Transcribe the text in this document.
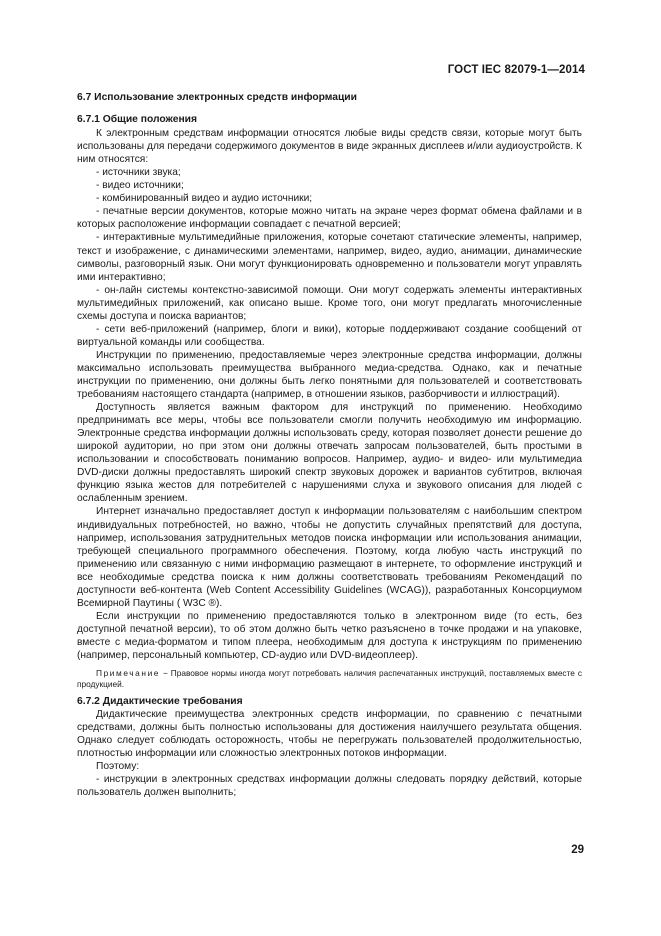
ГОСТ IEC 82079-1—2014

6.7 Использование электронных средств информации

6.7.1 Общие положения

К электронным средствам информации относятся любые виды средств связи, которые могут быть использованы для передачи содержимого документов в виде экранных дисплеев и/или аудиоустройств. К ним относятся:

- источники звука;

- видео источники;

- комбинированный видео и аудио источники;

- печатные версии документов, которые можно читать на экране через формат обмена файлами и в которых расположение информации совпадает с печатной версией;

- интерактивные мультимедийные приложения, которые сочетают статические элементы, например, текст и изображение, с динамическими элементами, например, видео, аудио, анимации, динамические символы, разговорный язык. Они могут функционировать одновременно и пользователи могут управлять ими интерактивно;

- он-лайн системы контекстно-зависимой помощи. Они могут содержать элементы интерактивных мультимедийных приложений, как описано выше. Кроме того, они могут предлагать многочисленные схемы доступа и поиска вариантов;

- сети веб-приложений (например, блоги и вики), которые поддерживают создание сообщений от виртуальной команды или сообщества.

Инструкции по применению, предоставляемые через электронные средства информации, должны максимально использовать преимущества выбранного медиа-средства. Однако, как и печатные инструкции по применению, они должны быть легко понятными для пользователей и соответствовать требованиям настоящего стандарта (например, в отношении языков, разборчивости и иллюстраций).

Доступность является важным фактором для инструкций по применению. Необходимо предпринимать все меры, чтобы все пользователи смогли получить необходимую им информацию. Электронные средства информации должны использовать среду, которая позволяет донести решение до широкой аудитории, но при этом они должны отвечать запросам пользователей, быть простыми в использовании и способствовать пониманию вопросов. Например, аудио- и видео- или мультимедиа DVD-диски должны предоставлять широкий спектр звуковых дорожек и вариантов субтитров, включая функцию языка жестов для потребителей с нарушениями слуха и звукового описания для людей с ослабленным зрением.

Интернет изначально предоставляет доступ к информации пользователям с наибольшим спектром индивидуальных потребностей, но важно, чтобы не допустить случайных препятствий для доступа, например, использования затруднительных методов поиска информации или использования анимации, требующей специального программного обеспечения. Поэтому, когда любую часть инструкций по применению или связанную с ними информацию размещают в интернете, то оформление инструкций и все необходимые средства поиска к ним должны соответствовать требованиям Рекомендаций по доступности веб-контента (Web Content Accessibility Guidelines (WCAG)), разработанных Консорциумом Всемирной Паутины ( W3C ®).

Если инструкции по применению предоставляются только в электронном виде (то есть, без доступной печатной версии), то об этом должно быть четко разъяснено в точке продажи и на упаковке, вместе с медиа-форматом и типом плеера, необходимым для доступа к инструкциям по применению (например, персональный компьютер, CD-аудио или DVD-видеоплеер).

Примечание − Правовое нормы иногда могут потребовать наличия распечатанных инструкций, поставляемых вместе с продукцией.

6.7.2 Дидактические требования

Дидактические преимущества электронных средств информации, по сравнению с печатными средствами, должны быть полностью использованы для достижения наилучшего результата общения. Однако следует соблюдать осторожность, чтобы не перегружать пользователей продолжительностью, плотностью информации или сложностью электронных потоков информации.

Поэтому:

- инструкции в электронных средствах информации должны следовать порядку действий, которые пользователь должен выполнить;

29
